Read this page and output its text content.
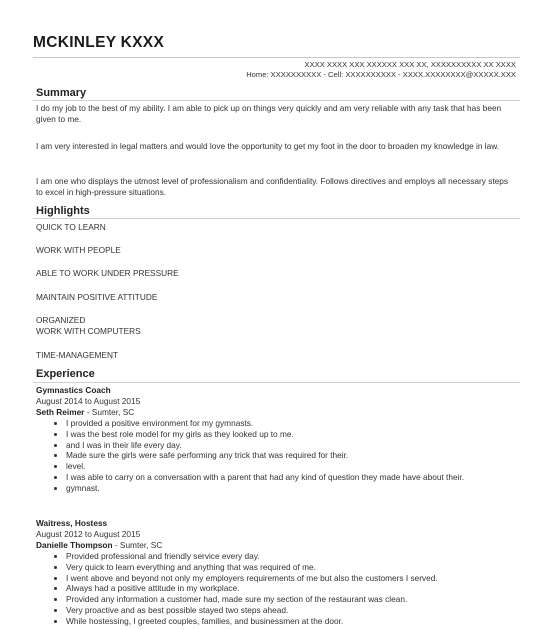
MCKINLEY KXXX
XXXX XXXX XXX XXXXXX XXX XX, XXXXXXXXXX XX XXXX
Home: XXXXXXXXXX - Cell: XXXXXXXXXX - XXXX.XXXXXXXX@XXXXX.XXX
Summary
I do my job to the best of my ability. I am able to pick up on things very quickly and am very reliable with any task that has been given to me.
I am very interested in legal matters and would love the opportunity to get my foot in the door to broaden my knowledge in law.
I am one who displays the utmost level of professionalism and confidentiality. Follows directives and employs all necessary steps to excel in high-pressure situations.
Highlights
QUICK TO LEARN
WORK WITH PEOPLE
ABLE TO WORK UNDER PRESSURE
MAINTAIN POSITIVE ATTITUDE
ORGANIZED
WORK WITH COMPUTERS
TIME-MANAGEMENT
Experience
Gymnastics Coach
August 2014 to August 2015
Seth Reimer - Sumter, SC
• I provided a positive environment for my gymnasts.
• I was the best role model for my girls as they looked up to me.
• and I was in their life every day.
• Made sure the girls were safe performing any trick that was required for their.
• level.
• I was able to carry on a conversation with a parent that had any kind of question they made have about their.
• gymnast.
Waitress, Hostess
August 2012 to August 2015
Danielle Thompson - Sumter, SC
• Provided professional and friendly service every day.
• Very quick to learn everything and anything that was required of me.
• I went above and beyond not only my employers requirements of me but also the customers I served.
• Always had a positive attitude in my workplace.
• Provided any information a customer had, made sure my section of the restaurant was clean.
• Very proactive and as best possible stayed two steps ahead.
• While hostessing, I greeted couples, families, and businessmen at the door.
